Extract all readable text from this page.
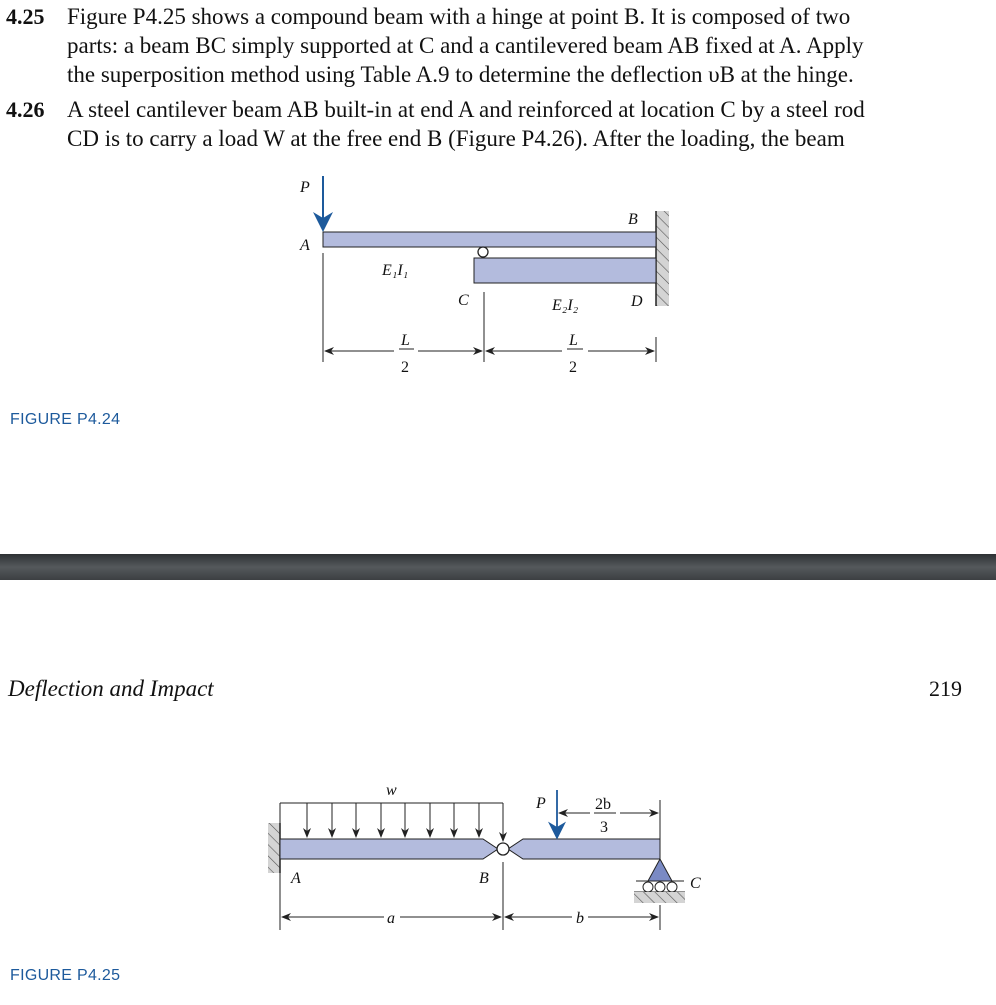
4.25 Figure P4.25 shows a compound beam with a hinge at point B. It is composed of two
parts: a beam BC simply supported at C and a cantilevered beam AB fixed at A. Apply
the superposition method using Table A.9 to determine the deflection υB at the hinge.
4.26 A steel cantilever beam AB built-in at end A and reinforced at location C by a steel rod
CD is to carry a load W at the free end B (Figure P4.26). After the loading, the beam
P
A
B
C	D
E₁I₁
E₂I₂
L
2
L
2
w
P	2b
3
A	B	C
a	b
FIGURE P4.24
Deflection and Impact	219
FIGURE P4.25
